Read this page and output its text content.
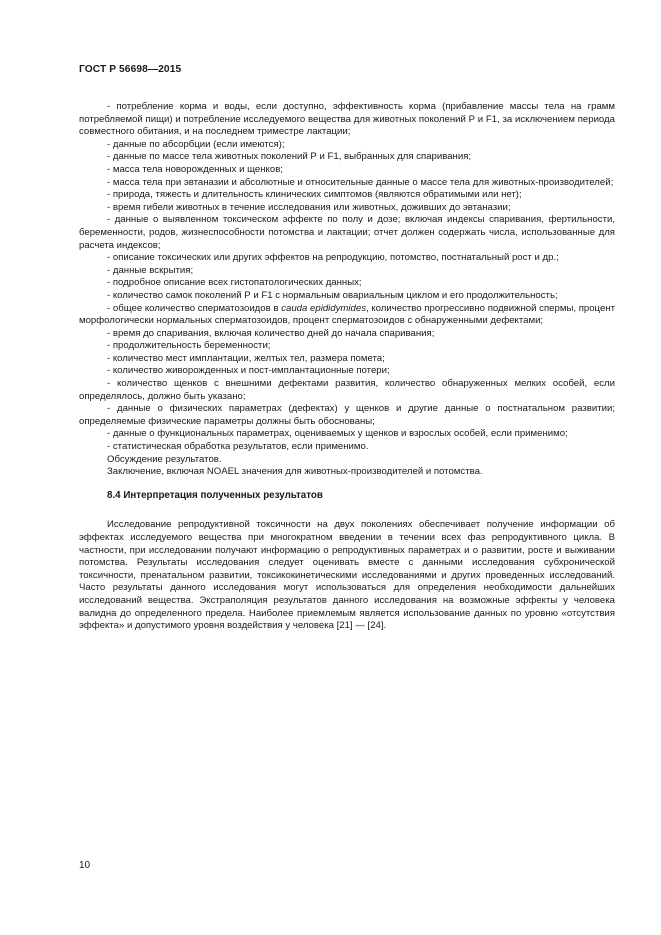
ГОСТ Р 56698—2015

- потребление корма и воды, если доступно, эффективность корма (прибавление массы тела на грамм потребляемой пищи) и потребление исследуемого вещества для животных поколений Р и F1, за исключением периода совместного обитания, и на последнем триместре лактации;

- данные по абсорбции (если имеются);

- данные по массе тела животных поколений Р и F1, выбранных для спаривания;

- масса тела новорожденных и щенков;

- масса тела при эвтаназии и абсолютные и относительные данные о массе тела для животных-производителей;

- природа, тяжесть и длительность клинических симптомов (являются обратимыми или нет);

- время гибели животных в течение исследования или животных, доживших до эвтаназии;

- данные о выявленном токсическом эффекте по полу и дозе; включая индексы спаривания, фертильности, беременности, родов, жизнеспособности потомства и лактации; отчет должен содержать числа, использованные для расчета индексов;

- описание токсических или других эффектов на репродукцию, потомство, постнатальный рост и др.;

- данные вскрытия;

- подробное описание всех гистопатологических данных;

- количество самок поколений Р и F1 с нормальным овариальным циклом и его продолжительность;

- общее количество сперматозоидов в cauda epididymides, количество прогрессивно подвижной спермы, процент морфологически нормальных сперматозоидов, процент сперматозоидов с обнаруженными дефектами;

- время до спаривания, включая количество дней до начала спаривания;

- продолжительность беременности;

- количество мест имплантации, желтых тел, размера помета;

- количество живорожденных и пост-имплантационные потери;

- количество щенков с внешними дефектами развития, количество обнаруженных мелких особей, если определялось, должно быть указано;

- данные о физических параметрах (дефектах) у щенков и другие данные о постнатальном развитии; определяемые физические параметры должны быть обоснованы;

- данные о функциональных параметрах, оцениваемых у щенков и взрослых особей, если применимо;

- статистическая обработка результатов, если применимо.

Обсуждение результатов.

Заключение, включая NOAEL значения для животных-производителей и потомства.

8.4 Интерпретация полученных результатов

Исследование репродуктивной токсичности на двух поколениях обеспечивает получение информации об эффектах исследуемого вещества при многократном введении в течении всех фаз репродуктивного цикла. В частности, при исследовании получают информацию о репродуктивных параметрах и о развитии, росте и выживании потомства. Результаты исследования следует оценивать вместе с данными исследования субхронической токсичности, пренатальном развитии, токсикокинетическими исследованиями и других проведенных исследований. Часто результаты данного исследования могут использоваться для определения необходимости дальнейших исследований вещества. Экстраполяция результатов данного исследования на возможные эффекты у человека валидна до определенного предела. Наиболее приемлемым является использование данных по уровню «отсутствия эффекта» и допустимого уровня воздействия у человека [21] — [24].

10
